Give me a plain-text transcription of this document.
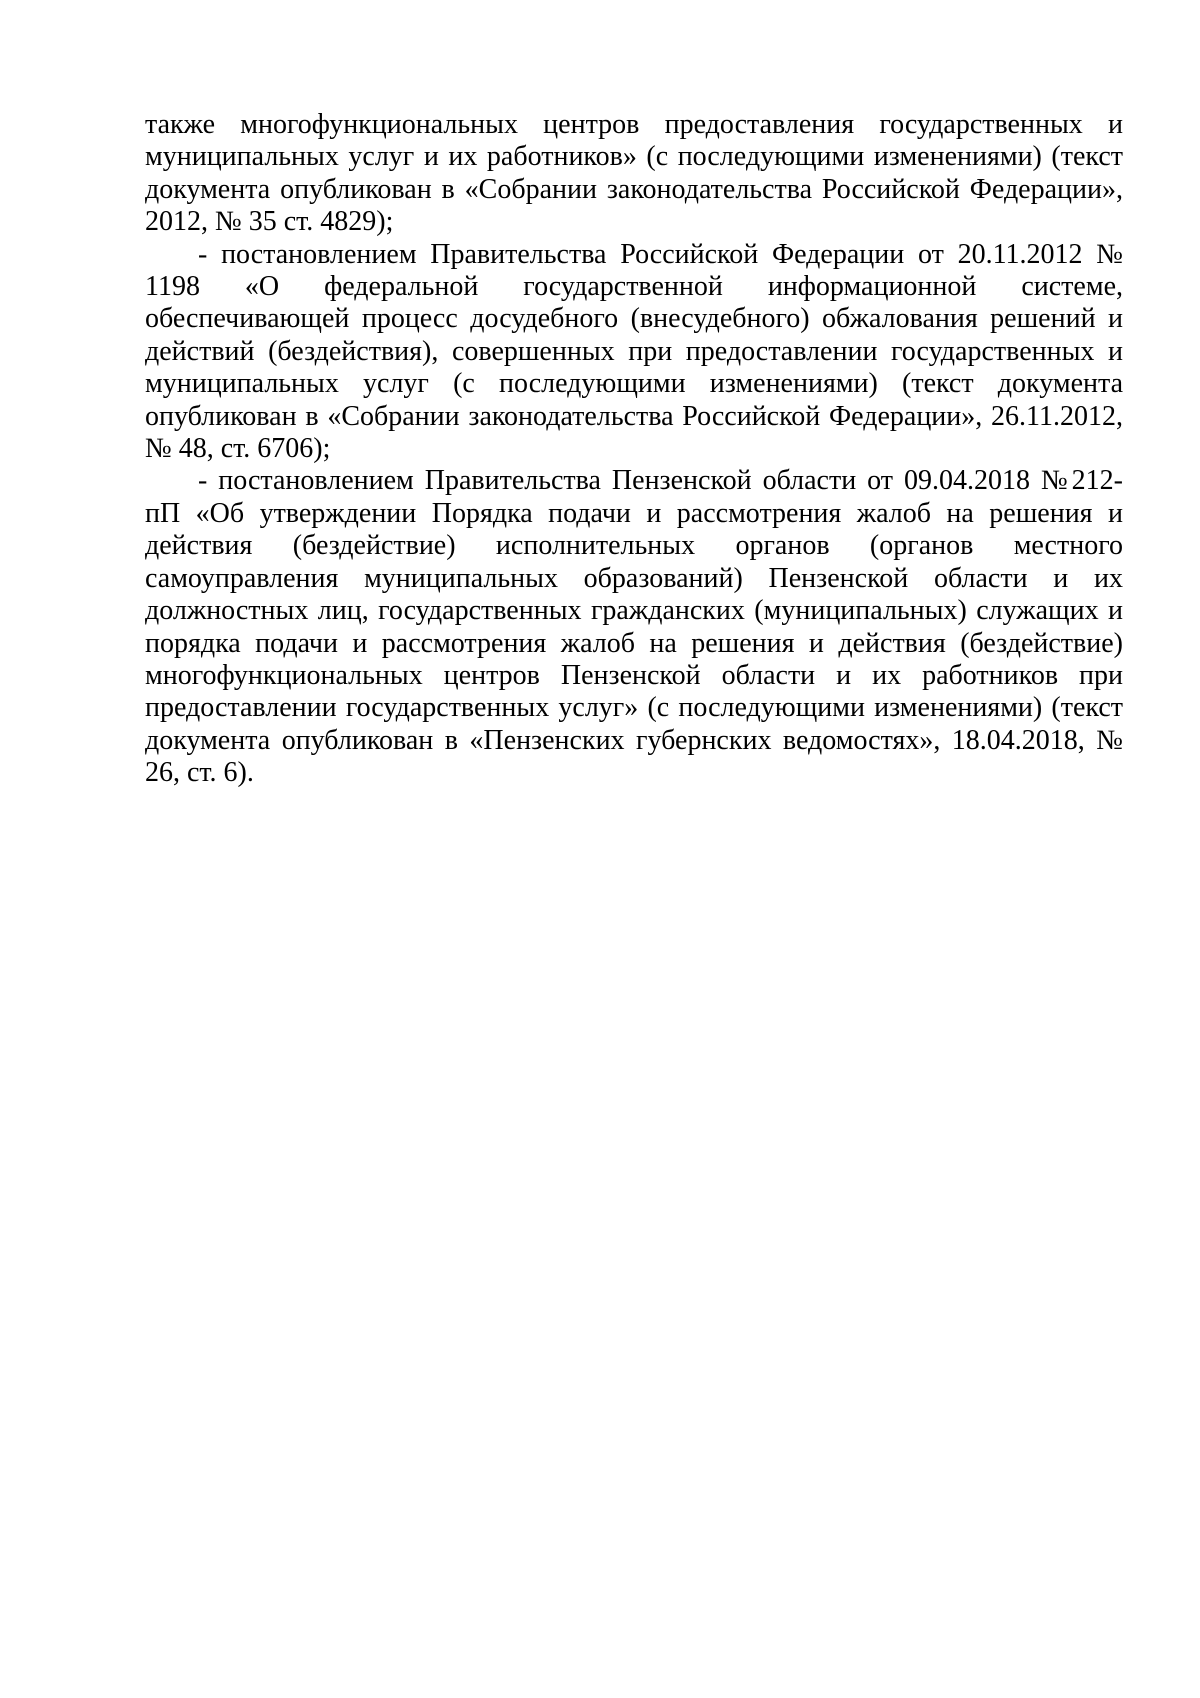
также многофункциональных центров предоставления государственных и муниципальных услуг и их работников» (с последующими изменениями) (текст документа опубликован в «Собрании законодательства Российской Федерации», 2012, № 35 ст. 4829);

- постановлением Правительства Российской Федерации от 20.11.2012 № 1198 «О федеральной государственной информационной системе, обеспечивающей процесс досудебного (внесудебного) обжалования решений и действий (бездействия), совершенных при предоставлении государственных и муниципальных услуг (с последующими изменениями) (текст документа опубликован в «Собрании законодательства Российской Федерации», 26.11.2012, № 48, ст. 6706);

- постановлением Правительства Пензенской области от 09.04.2018 №212-пП «Об утверждении Порядка подачи и рассмотрения жалоб на решения и действия (бездействие) исполнительных органов (органов местного самоуправления муниципальных образований) Пензенской области и их должностных лиц, государственных гражданских (муниципальных) служащих и порядка подачи и рассмотрения жалоб на решения и действия (бездействие) многофункциональных центров Пензенской области и их работников при предоставлении государственных услуг» (с последующими изменениями) (текст документа опубликован в «Пензенских губернских ведомостях», 18.04.2018, № 26, ст. 6).
